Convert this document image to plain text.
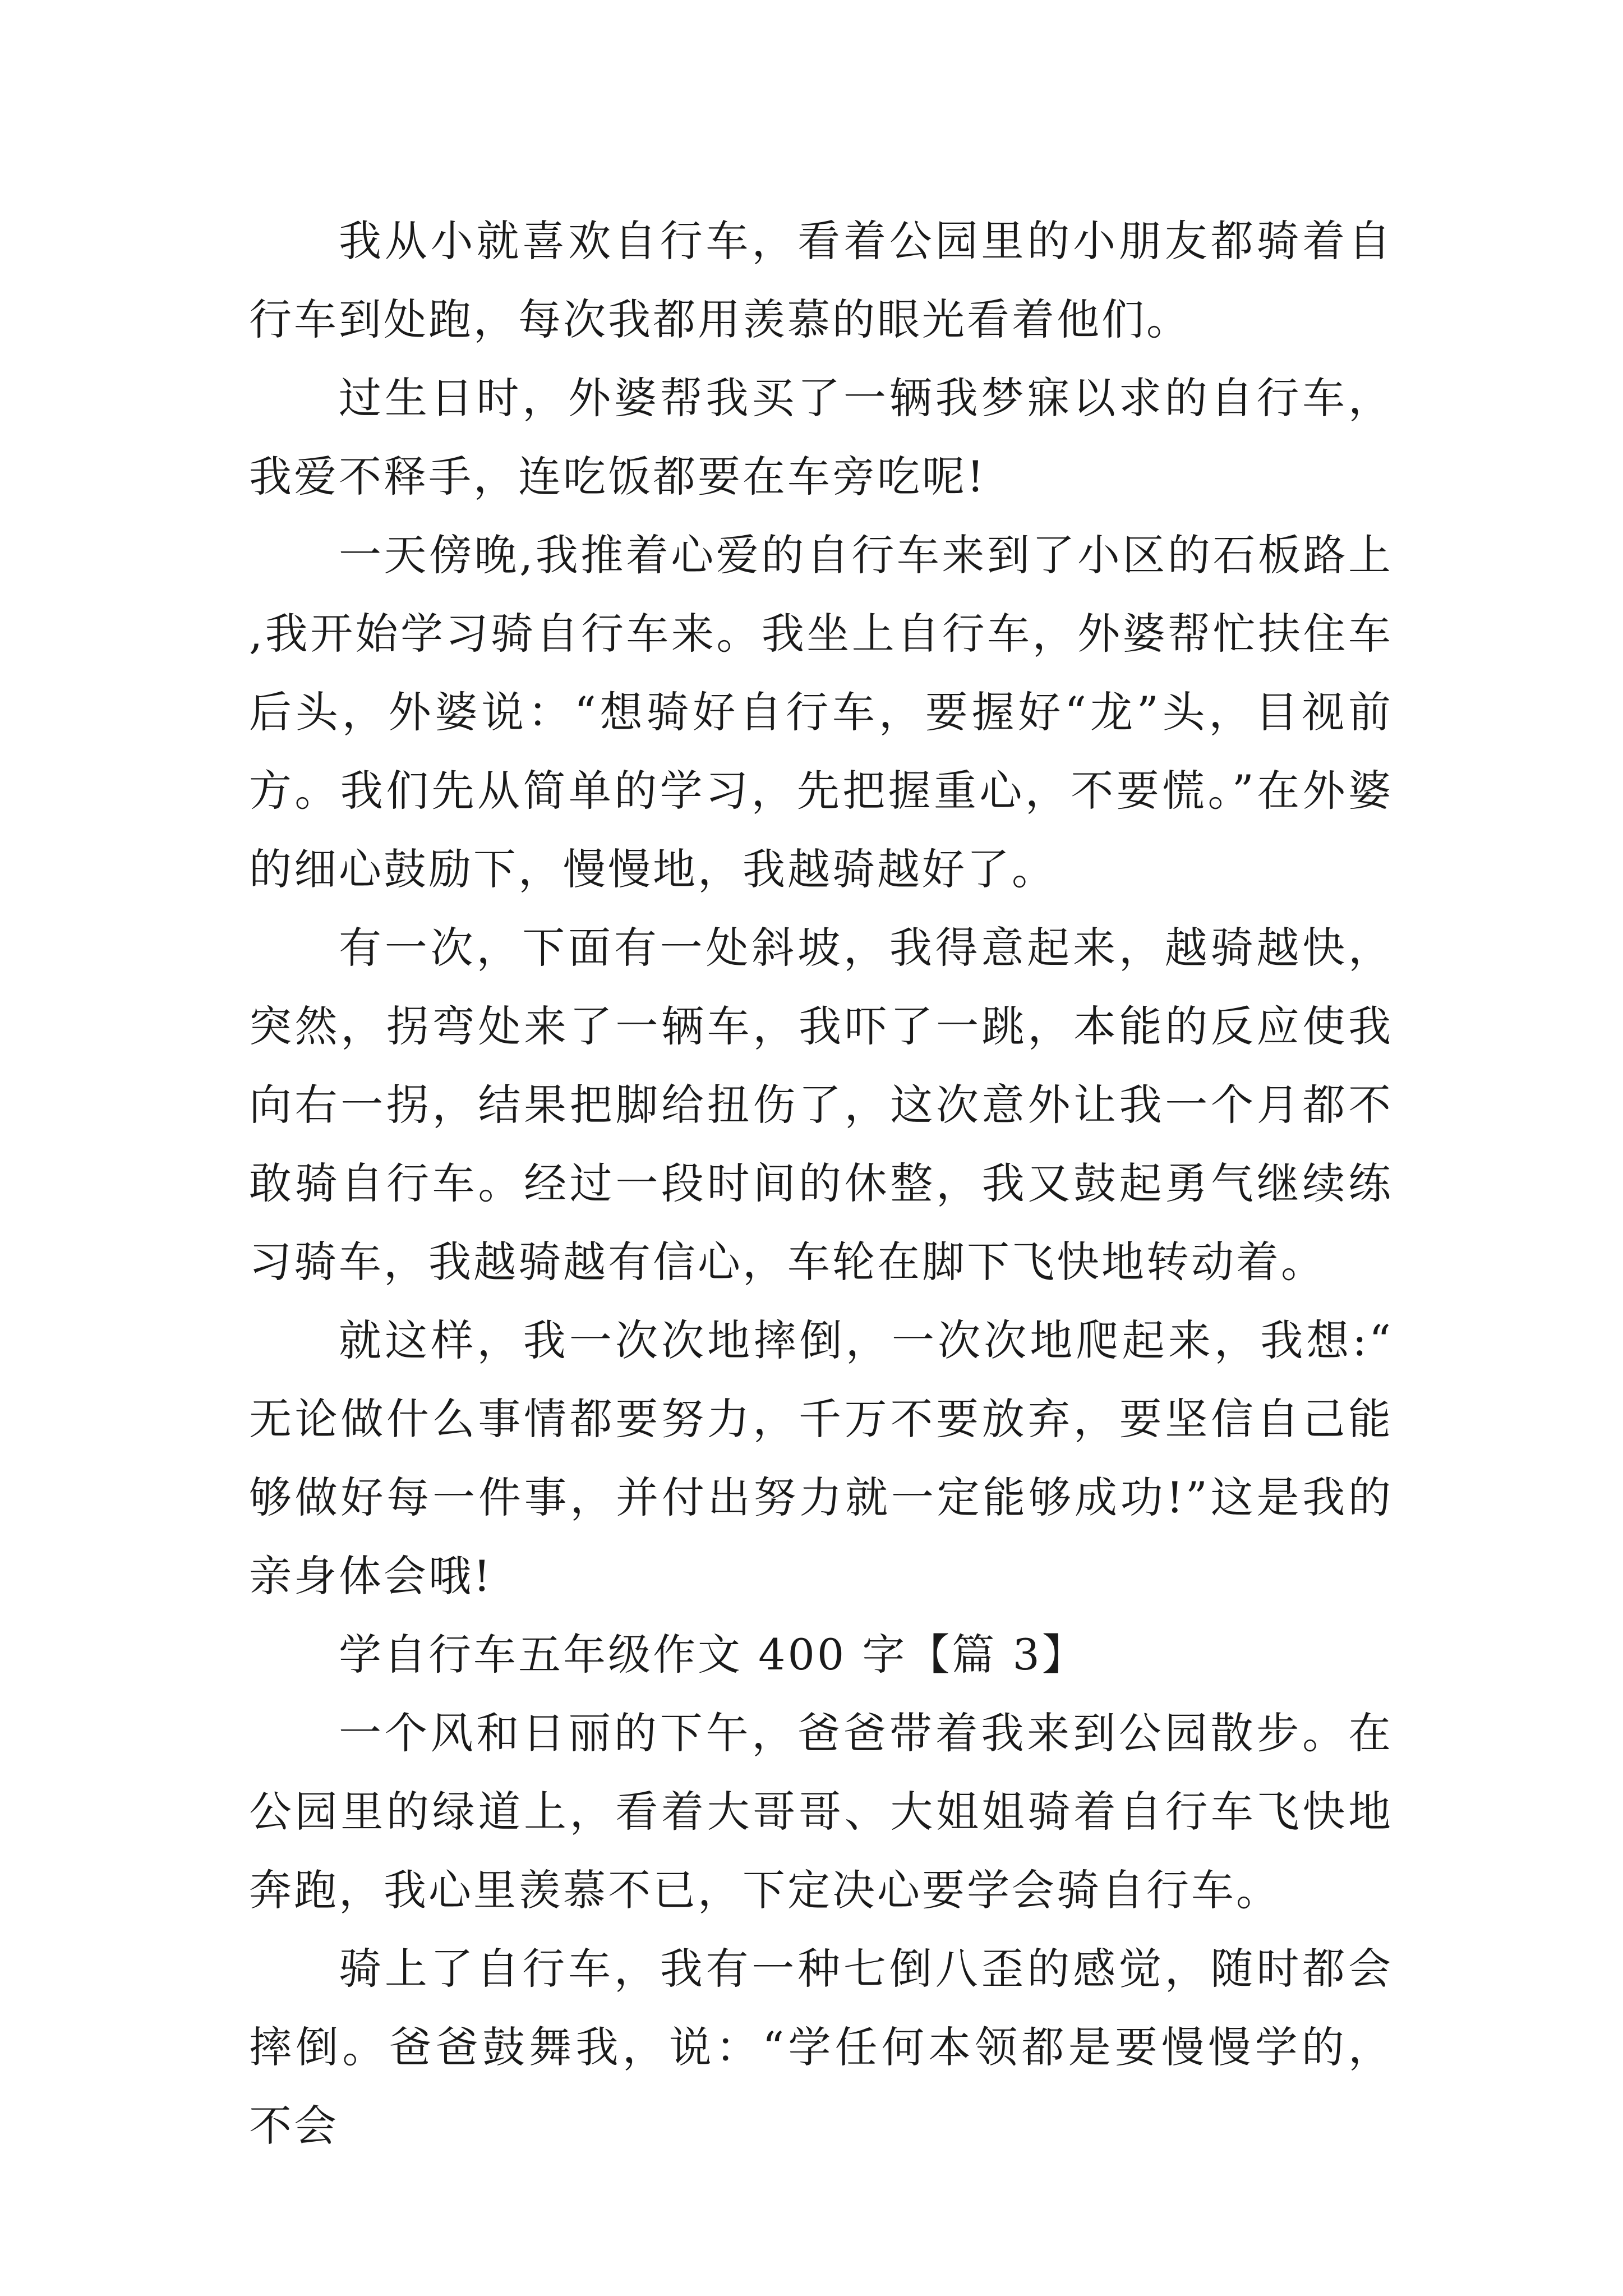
我从小就喜欢自行车，看着公园里的小朋友都骑着自行车到处跑，每次我都用羡慕的眼光看着他们。

过生日时，外婆帮我买了一辆我梦寐以求的自行车，我爱不释手，连吃饭都要在车旁吃呢!

一天傍晚,我推着心爱的自行车来到了小区的石板路上,我开始学习骑自行车来。我坐上自行车，外婆帮忙扶住车后头，外婆说：“想骑好自行车，要握好“龙”头，目视前方。我们先从简单的学习，先把握重心，不要慌。”在外婆的细心鼓励下，慢慢地，我越骑越好了。

有一次，下面有一处斜坡，我得意起来，越骑越快，突然，拐弯处来了一辆车，我吓了一跳，本能的反应使我向右一拐，结果把脚给扭伤了，这次意外让我一个月都不敢骑自行车。经过一段时间的休整，我又鼓起勇气继续练习骑车，我越骑越有信心，车轮在脚下飞快地转动着。

就这样，我一次次地摔倒，一次次地爬起来，我想:“无论做什么事情都要努力，千万不要放弃，要坚信自己能够做好每一件事，并付出努力就一定能够成功!”这是我的亲身体会哦!

学自行车五年级作文 400 字【篇 3】

一个风和日丽的下午，爸爸带着我来到公园散步。在公园里的绿道上，看着大哥哥、大姐姐骑着自行车飞快地奔跑，我心里羡慕不已，下定决心要学会骑自行车。

骑上了自行车，我有一种七倒八歪的感觉，随时都会摔倒。爸爸鼓舞我，说：“学任何本领都是要慢慢学的，不会
